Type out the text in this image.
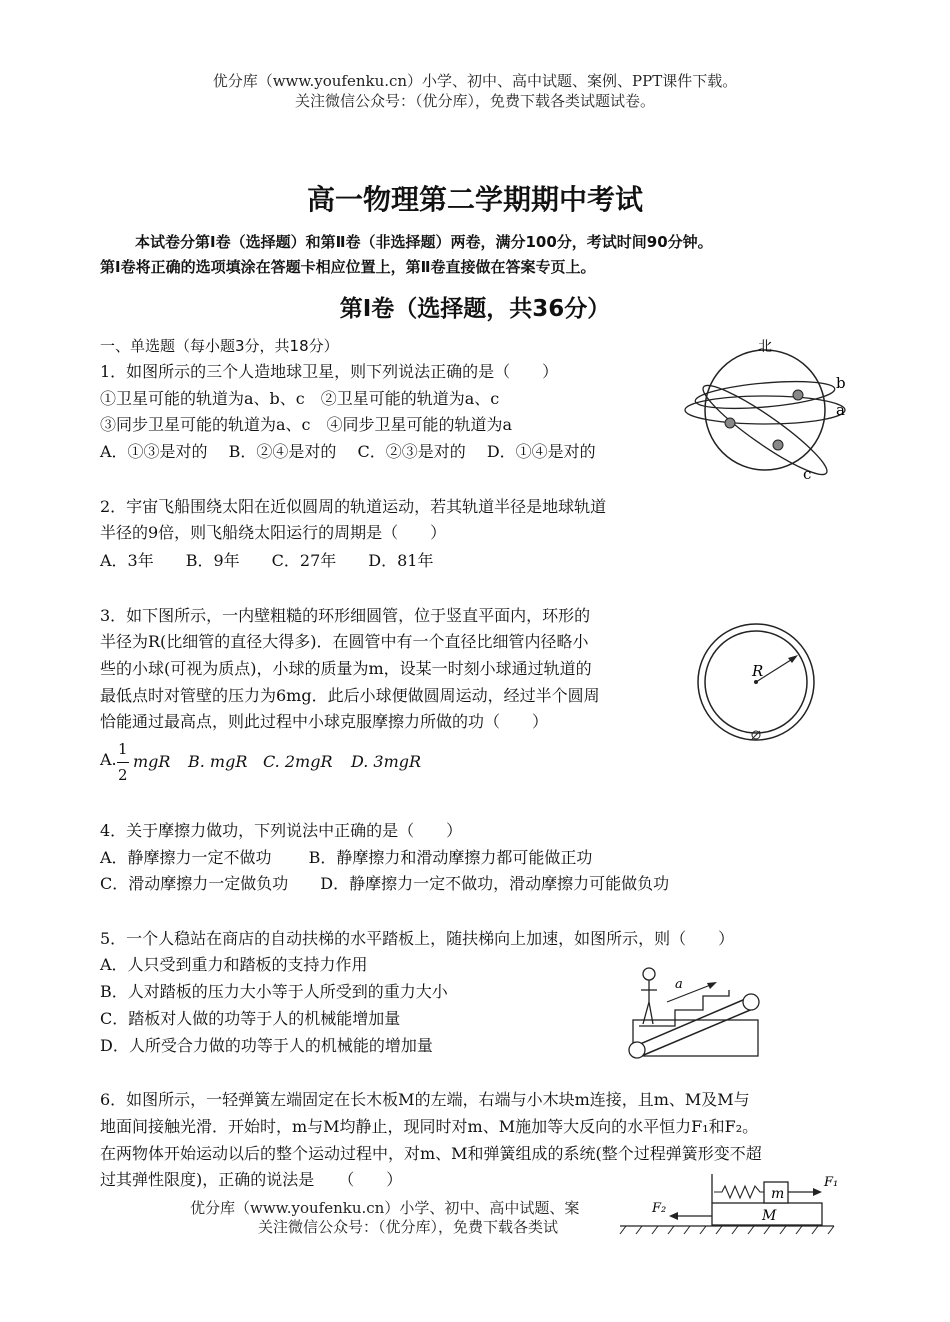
优分库（www.youfenku.cn）小学、初中、高中试题、案例、PPT课件下载。
关注微信公众号：（优分库），免费下载各类试题试卷。
高一物理第二学期期中考试
本试卷分第Ⅰ卷（选择题）和第Ⅱ卷（非选择题）两卷，满分100分，考试时间90分钟。
第Ⅰ卷将正确的选项填涂在答题卡相应位置上，第Ⅱ卷直接做在答案专页上。
第Ⅰ卷（选择题，共36分）
一、单选题（每小题3分，共18分）
1．如图所示的三个人造地球卫星，则下列说法正确的是（　　）
①卫星可能的轨道为a、b、c　②卫星可能的轨道为a、c
③同步卫星可能的轨道为a、c　④同步卫星可能的轨道为a
A．①③是对的　 B．②④是对的　 C．②③是对的　 D．①④是对的
北
b
a
c
2．宇宙飞船围绕太阳在近似圆周的轨道运动，若其轨道半径是地球轨道
半径的9倍，则飞船绕太阳运行的周期是（　　）
A．3年　　B．9年　　C．27年　　D．81年
3．如下图所示，一内壁粗糙的环形细圆管，位于竖直平面内，环形的
半径为R(比细管的直径大得多)．在圆管中有一个直径比细管内径略小
些的小球(可视为质点)，小球的质量为m，设某一时刻小球通过轨道的
最低点时对管壁的压力为6mg．此后小球便做圆周运动，经过半个圆周
恰能通过最高点，则此过程中小球克服摩擦力所做的功（　　）
A.
1
2
mgR B. mgR C. 2mgR D. 3mgR
R
4．关于摩擦力做功，下列说法中正确的是（　　）
A．静摩擦力一定不做功　　 B．静摩擦力和滑动摩擦力都可能做正功
C．滑动摩擦力一定做负功　　D．静摩擦力一定不做功，滑动摩擦力可能做负功
5．一个人稳站在商店的自动扶梯的水平踏板上，随扶梯向上加速，如图所示，则（　　）
A．人只受到重力和踏板的支持力作用
B．人对踏板的压力大小等于人所受到的重力大小
C．踏板对人做的功等于人的机械能增加量
D．人所受合力做的功等于人的机械能的增加量
a
6．如图所示，一轻弹簧左端固定在长木板M的左端，右端与小木块m连接，且m、M及M与
地面间接触光滑．开始时，m与M均静止，现同时对m、M施加等大反向的水平恒力F₁和F₂。
在两物体开始运动以后的整个运动过程中，对m、M和弹簧组成的系统(整个过程弹簧形变不超
过其弹性限度)，正确的说法是　　（　　）
优分库（www.youfenku.cn）小学、初中、高中试题、案
关注微信公众号：（优分库），免费下载各类试
m
M
F₁
F₂
